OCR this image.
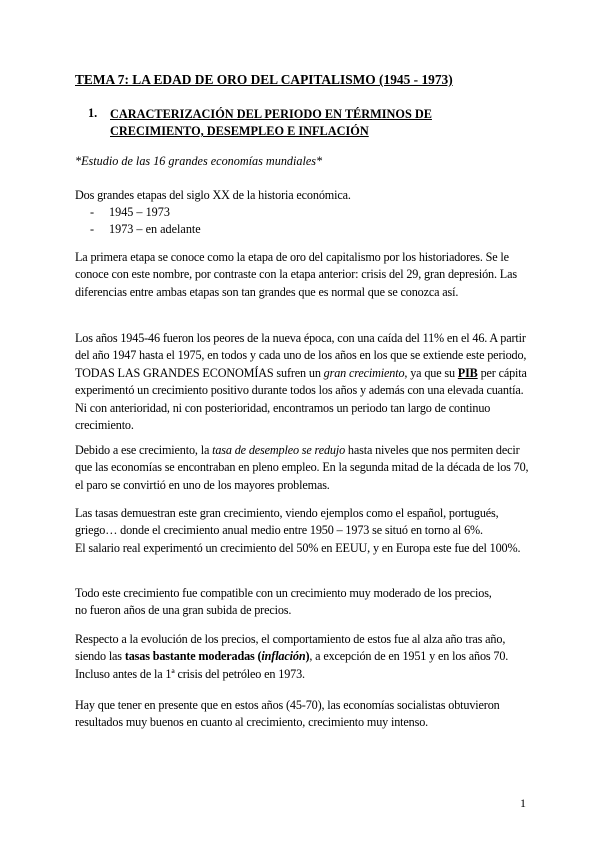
TEMA 7: LA EDAD DE ORO DEL CAPITALISMO (1945 - 1973)
1. CARACTERIZACIÓN DEL PERIODO EN TÉRMINOS DE CRECIMIENTO, DESEMPLEO E INFLACIÓN
*Estudio de las 16 grandes economías mundiales*
Dos grandes etapas del siglo XX de la historia económica.
- 1945 – 1973
- 1973 – en adelante
La primera etapa se conoce como la etapa de oro del capitalismo por los historiadores. Se le conoce con este nombre, por contraste con la etapa anterior: crisis del 29, gran depresión. Las diferencias entre ambas etapas son tan grandes que es normal que se conozca así.
Los años 1945-46 fueron los peores de la nueva época, con una caída del 11% en el 46. A partir del año 1947 hasta el 1975, en todos y cada uno de los años en los que se extiende este periodo, TODAS LAS GRANDES ECONOMÍAS sufren un gran crecimiento, ya que su PIB per cápita experimentó un crecimiento positivo durante todos los años y además con una elevada cuantía. Ni con anterioridad, ni con posterioridad, encontramos un periodo tan largo de continuo crecimiento.
Debido a ese crecimiento, la tasa de desempleo se redujo hasta niveles que nos permiten decir que las economías se encontraban en pleno empleo. En la segunda mitad de la década de los 70, el paro se convirtió en uno de los mayores problemas.
Las tasas demuestran este gran crecimiento, viendo ejemplos como el español, portugués, griego… donde el crecimiento anual medio entre 1950 – 1973 se situó en torno al 6%.
El salario real experimentó un crecimiento del 50% en EEUU, y en Europa este fue del 100%.
Todo este crecimiento fue compatible con un crecimiento muy moderado de los precios,
no fueron años de una gran subida de precios.
Respecto a la evolución de los precios, el comportamiento de estos fue al alza año tras año, siendo las tasas bastante moderadas (inflación), a excepción de en 1951 y en los años 70. Incluso antes de la 1ª crisis del petróleo en 1973.
Hay que tener en presente que en estos años (45-70), las economías socialistas obtuvieron resultados muy buenos en cuanto al crecimiento, crecimiento muy intenso.
1
